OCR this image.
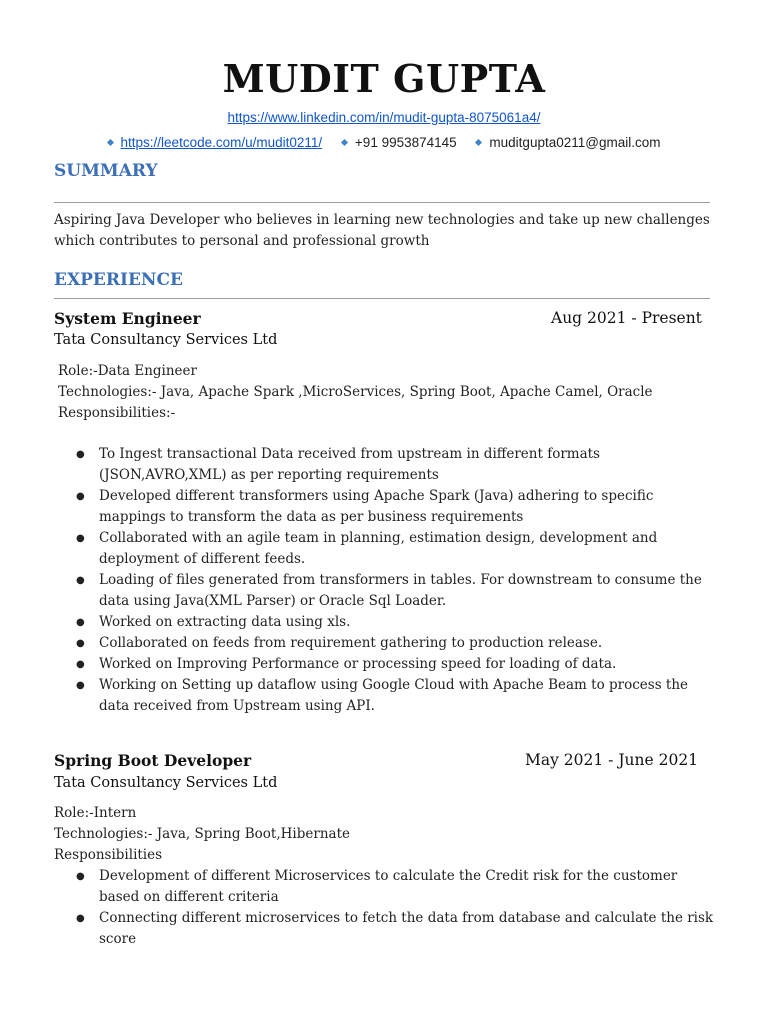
MUDIT GUPTA
https://www.linkedin.com/in/mudit-gupta-8075061a4/
https://leetcode.com/u/mudit0211/ +91 9953874145 mudit​gupta0211@gmail.com
SUMMARY
Aspiring Java Developer who believes in learning new technologies and take up new challenges which contributes to personal and professional growth
EXPERIENCE
System Engineer	Aug 2021 - Present
Tata Consultancy Services Ltd
Role:-Data Engineer
Technologies:- Java, Apache Spark ,MicroServices, Spring Boot, Apache Camel, Oracle
Responsibilities:-
● To Ingest transactional Data received from upstream in different formats (JSON,AVRO,XML) as per reporting requirements
● Developed different transformers using Apache Spark (Java) adhering to specific mappings to transform the data as per business requirements
● Collaborated with an agile team in planning, estimation design, development and deployment of different feeds.
● Loading of files generated from transformers in tables. For downstream to consume the data using Java(XML Parser) or Oracle Sql Loader.
● Worked on extracting data using xls.
● Collaborated on feeds from requirement gathering to production release.
● Worked on Improving Performance or processing speed for loading of data.
● Working on Setting up dataflow using Google Cloud with Apache Beam to process the data received from Upstream using API.
Spring Boot Developer	May 2021 - June 2021
Tata Consultancy Services Ltd
Role:-Intern
Technologies:- Java, Spring Boot,Hibernate
Responsibilities
● Development of different Microservices to calculate the Credit risk for the customer based on different criteria
● Connecting different microservices to fetch the data from database and calculate the risk score
